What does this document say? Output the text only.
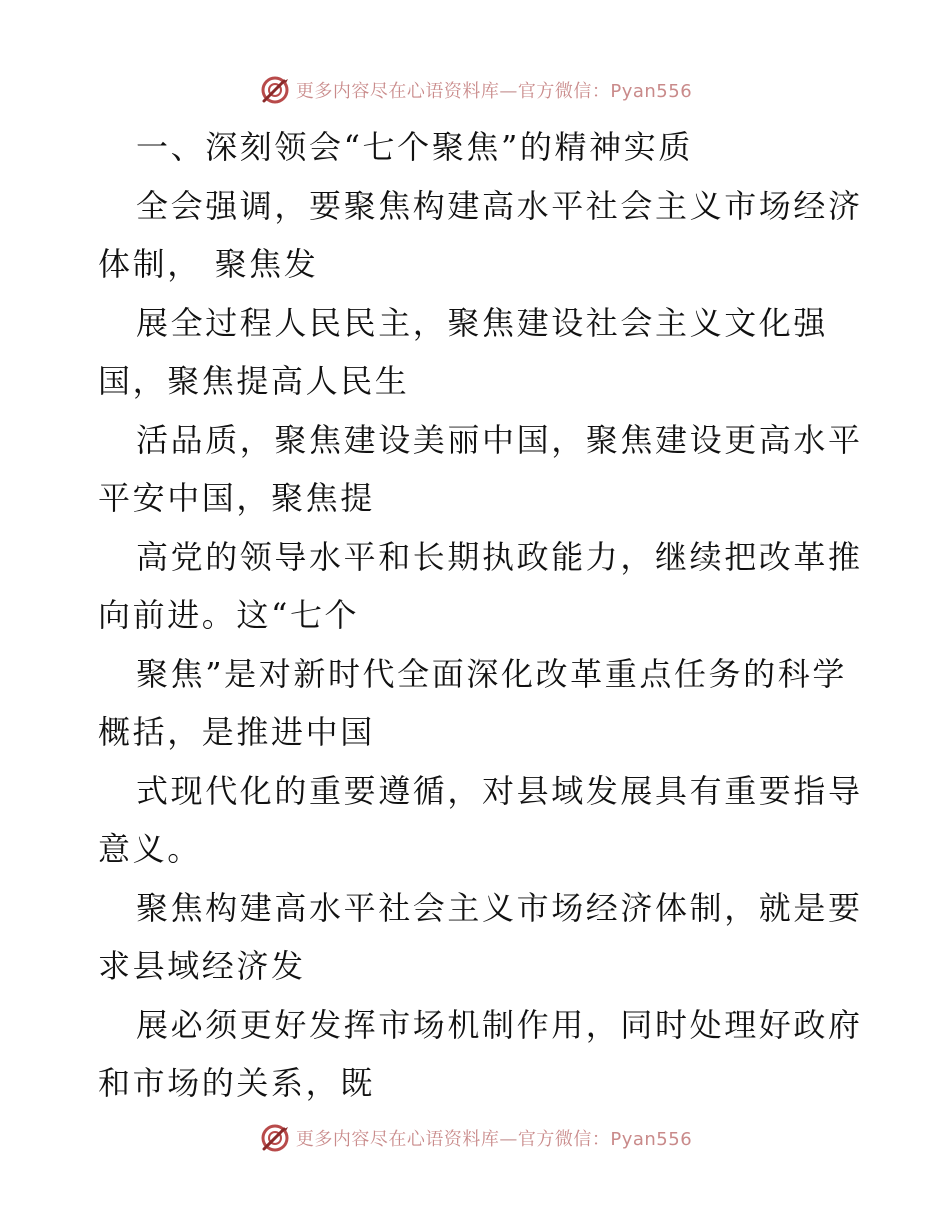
更多内容尽在心语资料库—官方微信：Pyan556
一、深刻领会“七个聚焦”的精神实质
全会强调，要聚焦构建高水平社会主义市场经济
体制， 聚焦发
展全过程人民民主，聚焦建设社会主义文化强
国，聚焦提高人民生
活品质，聚焦建设美丽中国，聚焦建设更高水平
平安中国，聚焦提
高党的领导水平和长期执政能力，继续把改革推
向前进。这“七个
聚焦”是对新时代全面深化改革重点任务的科学
概括，是推进中国
式现代化的重要遵循，对县域发展具有重要指导
意义。
聚焦构建高水平社会主义市场经济体制，就是要
求县域经济发
展必须更好发挥市场机制作用，同时处理好政府
和市场的关系，既
更多内容尽在心语资料库—官方微信：Pyan556
